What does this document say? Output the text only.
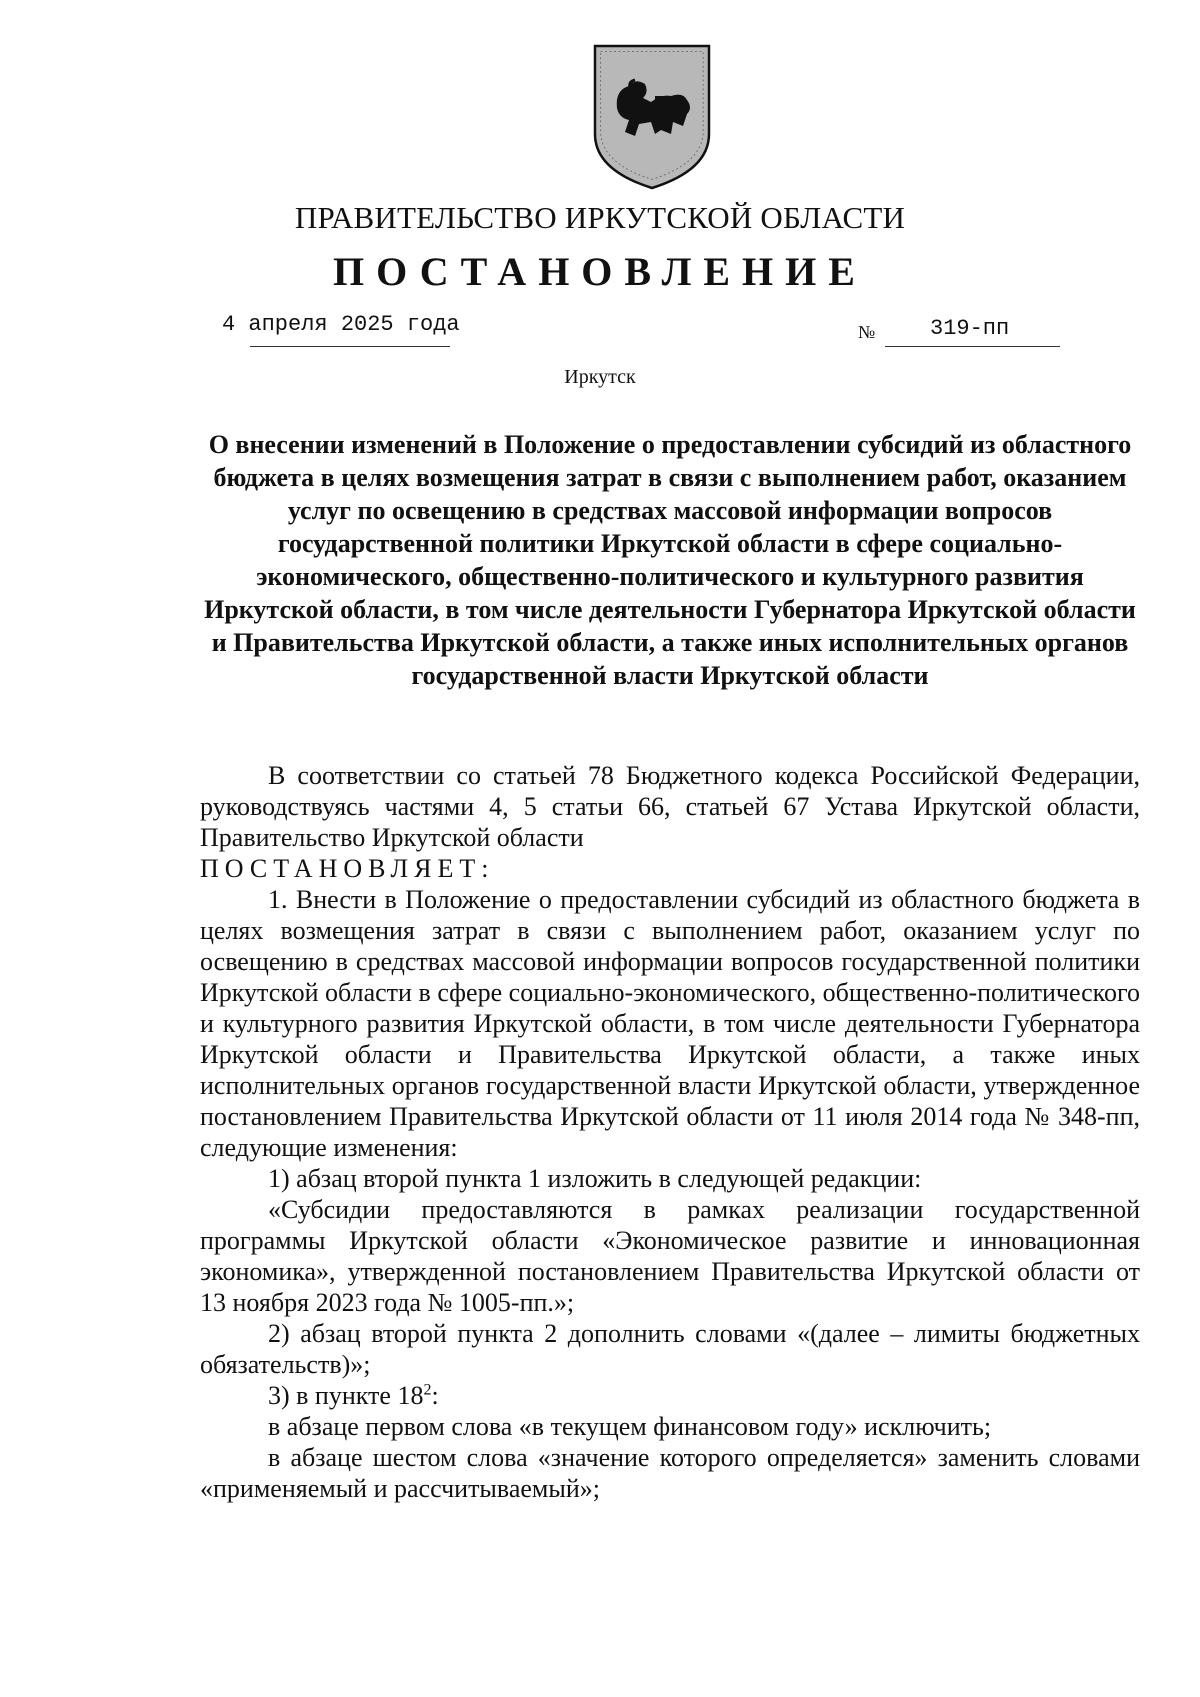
ПРАВИТЕЛЬСТВО ИРКУТСКОЙ ОБЛАСТИ
ПОСТАНОВЛЕНИЕ
4 апреля 2025 года	№ 319-пп
Иркутск
О внесении изменений в Положение о предоставлении субсидий из областного бюджета в целях возмещения затрат в связи с выполнением работ, оказанием услуг по освещению в средствах массовой информации вопросов государственной политики Иркутской области в сфере социально-экономического, общественно-политического и культурного развития Иркутской области, в том числе деятельности Губернатора Иркутской области и Правительства Иркутской области, а также иных исполнительных органов государственной власти Иркутской области

В соответствии со статьей 78 Бюджетного кодекса Российской Федерации, руководствуясь частями 4, 5 статьи 66, статьей 67 Устава Иркутской области, Правительство Иркутской области

ПОСТАНОВЛЯЕТ:

1. Внести в Положение о предоставлении субсидий из областного бюджета в целях возмещения затрат в связи с выполнением работ, оказанием услуг по освещению в средствах массовой информации вопросов государственной политики Иркутской области в сфере социально-экономического, общественно-политического и культурного развития Иркутской области, в том числе деятельности Губернатора Иркутской области и Правительства Иркутской области, а также иных исполнительных органов государственной власти Иркутской области, утвержденное постановлением Правительства Иркутской области от 11 июля 2014 года № 348-пп, следующие изменения:

1) абзац второй пункта 1 изложить в следующей редакции:

«Субсидии предоставляются в рамках реализации государственной программы Иркутской области «Экономическое развитие и инновационная экономика», утвержденной постановлением Правительства Иркутской области от 13 ноября 2023 года № 1005-пп.»;

2) абзац второй пункта 2 дополнить словами «(далее – лимиты бюджетных обязательств)»;

3) в пункте $18^2$:

в абзаце первом слова «в текущем финансовом году» исключить;

в абзаце шестом слова «значение которого определяется» заменить словами «применяемый и рассчитываемый»;
